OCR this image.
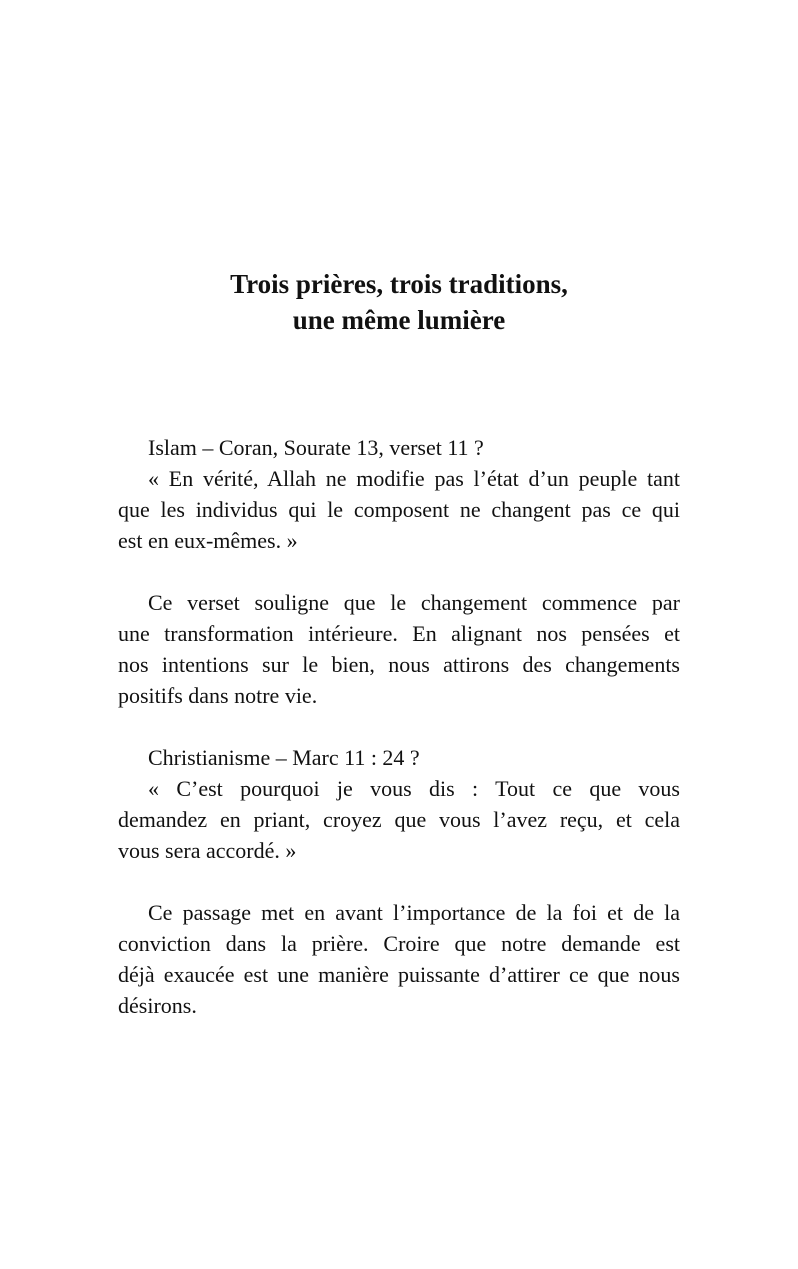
Trois prières, trois traditions,
une même lumière
Islam – Coran, Sourate 13, verset 11 ?
« En vérité, Allah ne modifie pas l’état d’un peuple tant
que les individus qui le composent ne changent pas ce qui
est en eux-mêmes. »
Ce verset souligne que le changement commence par
une transformation intérieure. En alignant nos pensées et
nos intentions sur le bien, nous attirons des changements
positifs dans notre vie.
Christianisme – Marc 11 : 24 ?
« C’est pourquoi je vous dis : Tout ce que vous
demandez en priant, croyez que vous l’avez reçu, et cela
vous sera accordé. »
Ce passage met en avant l’importance de la foi et de la
conviction dans la prière. Croire que notre demande est
déjà exaucée est une manière puissante d’attirer ce que nous
désirons.
